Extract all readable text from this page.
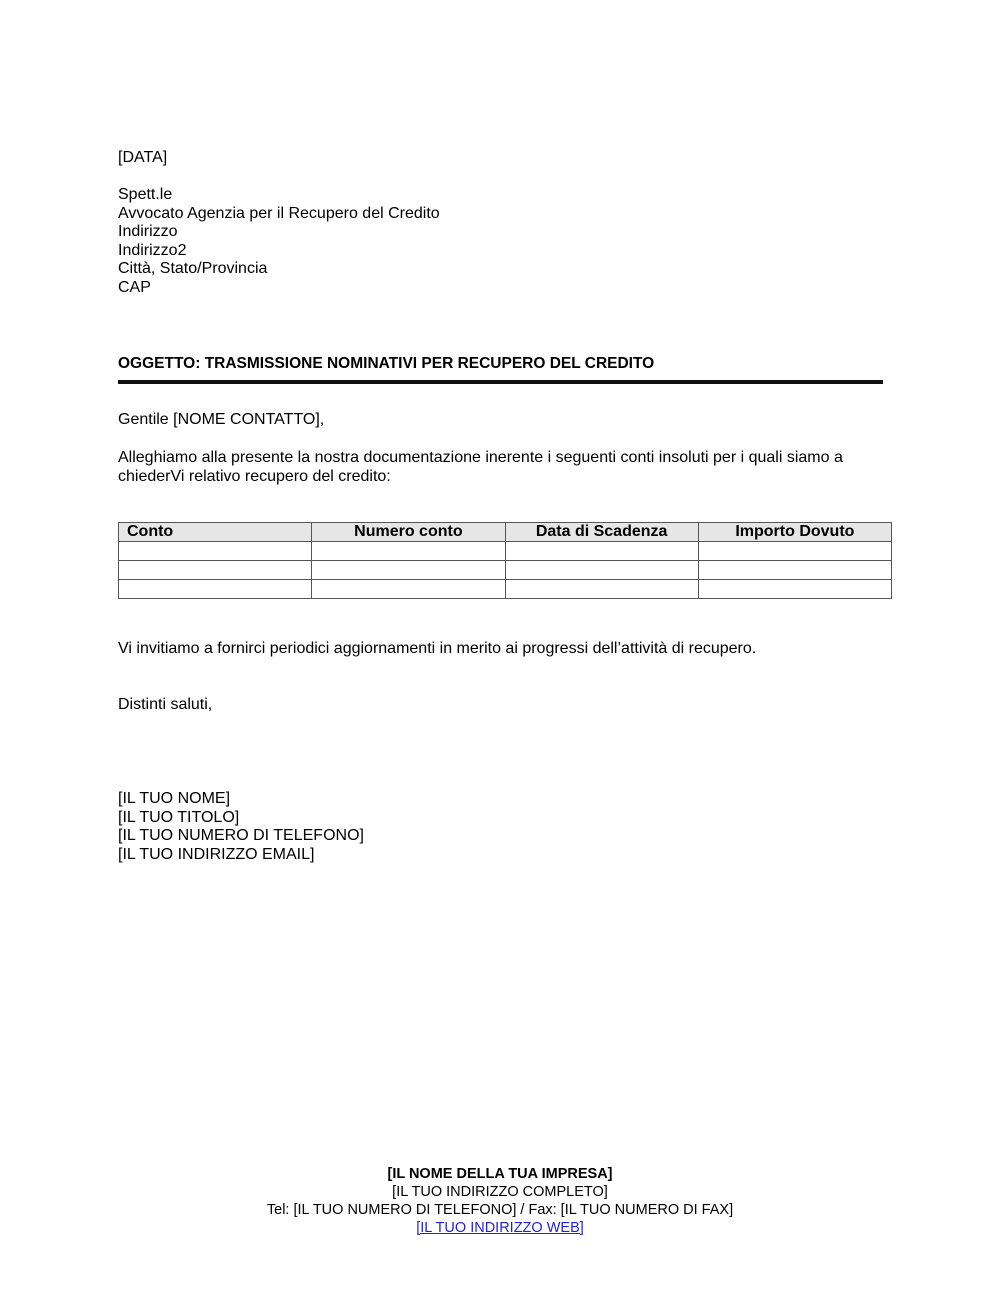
[DATA]
Spett.le
Avvocato Agenzia per il Recupero del Credito
Indirizzo
Indirizzo2
Città, Stato/Provincia
CAP
OGGETTO: TRASMISSIONE NOMINATIVI PER RECUPERO DEL CREDITO
Gentile [NOME CONTATTO],
Alleghiamo alla presente la nostra documentazione inerente i seguenti conti insoluti per i quali siamo a
chiederVi relativo recupero del credito:
Conto	Numero conto	Data di Scadenza	Importo Dovuto

Vi invitiamo a fornirci periodici aggiornamenti in merito ai progressi dell’attività di recupero.
Distinti saluti,
[IL TUO NOME]
[IL TUO TITOLO]
[IL TUO NUMERO DI TELEFONO]
[IL TUO INDIRIZZO EMAIL]
[IL NOME DELLA TUA IMPRESA]
[IL TUO INDIRIZZO COMPLETO]
Tel: [IL TUO NUMERO DI TELEFONO] / Fax: [IL TUO NUMERO DI FAX]
[IL TUO INDIRIZZO WEB]
